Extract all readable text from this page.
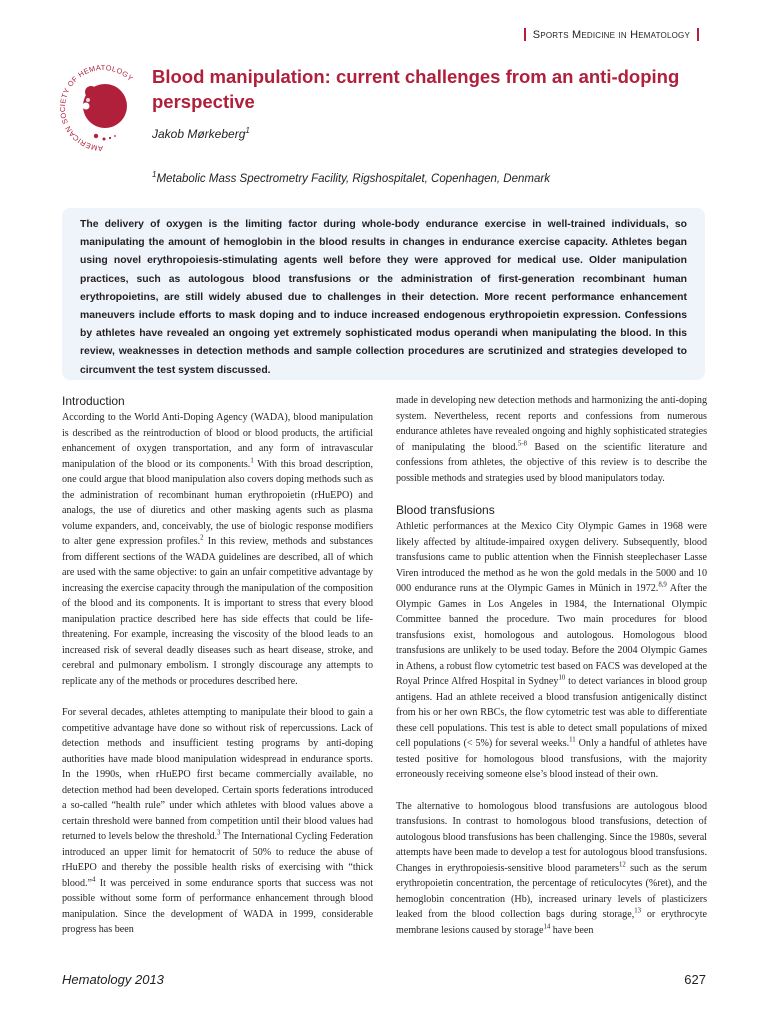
Sports Medicine in Hematology
AMERICAN SOCIETY OF HEMATOLOGY Blood manipulation: current challenges from an anti-doping perspective
Jakob Mørkeberg$^1$
$^1$Metabolic Mass Spectrometry Facility, Rigshospitalet, Copenhagen, Denmark

The delivery of oxygen is the limiting factor during whole-body endurance exercise in well-trained individuals, so manipulating the amount of hemoglobin in the blood results in changes in endurance exercise capacity. Athletes began using novel erythropoiesis-stimulating agents well before they were approved for medical use. Older manipulation practices, such as autologous blood transfusions or the administration of first-generation recombinant human erythropoietins, are still widely abused due to challenges in their detection. More recent performance enhancement maneuvers include efforts to mask doping and to induce increased endogenous erythropoietin expression. Confessions by athletes have revealed an ongoing yet extremely sophisticated modus operandi when manipulating the blood. In this review, weaknesses in detection methods and sample collection procedures are scrutinized and strategies developed to circumvent the test system discussed.

Introduction

According to the World Anti-Doping Agency (WADA), blood manipulation is described as the reintroduction of blood or blood products, the artificial enhancement of oxygen transportation, and any form of intravascular manipulation of the blood or its components.$^1$ With this broad description, one could argue that blood manipulation also covers doping methods such as the administration of recombinant human erythropoietin (rHuEPO) and analogs, the use of diuretics and other masking agents such as plasma volume expanders, and, conceivably, the use of biologic response modifiers to alter gene expression profiles.$^2$ In this review, methods and substances from different sections of the WADA guidelines are described, all of which are used with the same objective: to gain an unfair competitive advantage by increasing the exercise capacity through the manipulation of the composition of the blood and its components. It is important to stress that every blood manipulation practice described here has side effects that could be life-threatening. For example, increasing the viscosity of the blood leads to an increased risk of several deadly diseases such as heart disease, stroke, and cerebral and pulmonary embolism. I strongly discourage any attempts to replicate any of the methods or procedures described here.

For several decades, athletes attempting to manipulate their blood to gain a competitive advantage have done so without risk of repercussions. Lack of detection methods and insufficient testing programs by anti-doping authorities have made blood manipulation widespread in endurance sports. In the 1990s, when rHuEPO first became commercially available, no detection method had been developed. Certain sports federations introduced a so-called “health rule” under which athletes with blood values above a certain threshold were banned from competition until their blood values had returned to levels below the threshold.$^3$ The International Cycling Federation introduced an upper limit for hematocrit of 50% to reduce the abuse of rHuEPO and thereby the possible health risks of exercising with “thick blood.”$^4$ It was perceived in some endurance sports that success was not possible without some form of performance enhancement through blood manipulation. Since the development of WADA in 1999, considerable progress has been

made in developing new detection methods and harmonizing the anti-doping system. Nevertheless, recent reports and confessions from numerous endurance athletes have revealed ongoing and highly sophisticated strategies of manipulating the blood.$^{5-8}$ Based on the scientific literature and confessions from athletes, the objective of this review is to describe the possible methods and strategies used by blood manipulators today.

Blood transfusions

Athletic performances at the Mexico City Olympic Games in 1968 were likely affected by altitude-impaired oxygen delivery. Subsequently, blood transfusions came to public attention when the Finnish steeplechaser Lasse Viren introduced the method as he won the gold medals in the 5000 and 10 000 endurance runs at the Olympic Games in Münich in 1972.$^{8,9}$ After the Olympic Games in Los Angeles in 1984, the International Olympic Committee banned the procedure. Two main procedures for blood transfusions exist, homologous and autologous. Homologous blood transfusions are unlikely to be used today. Before the 2004 Olympic Games in Athens, a robust flow cytometric test based on FACS was developed at the Royal Prince Alfred Hospital in Sydney$^{10}$ to detect variances in blood group antigens. Had an athlete received a blood transfusion antigenically distinct from his or her own RBCs, the flow cytometric test was able to differentiate these cell populations. This test is able to detect small populations of mixed cell populations (< 5%) for several weeks.$^{11}$ Only a handful of athletes have tested positive for homologous blood transfusions, with the majority erroneously receiving someone else’s blood instead of their own.

The alternative to homologous blood transfusions are autologous blood transfusions. In contrast to homologous blood transfusions, detection of autologous blood transfusions has been challenging. Since the 1980s, several attempts have been made to develop a test for autologous blood transfusions. Changes in erythropoiesis-sensitive blood parameters$^{12}$ such as the serum erythropoietin concentration, the percentage of reticulocytes (%ret), and the hemoglobin concentration (Hb), increased urinary levels of plasticizers leaked from the blood collection bags during storage,$^{13}$ or erythrocyte membrane lesions caused by storage$^{14}$ have been

Hematology 2013	627
